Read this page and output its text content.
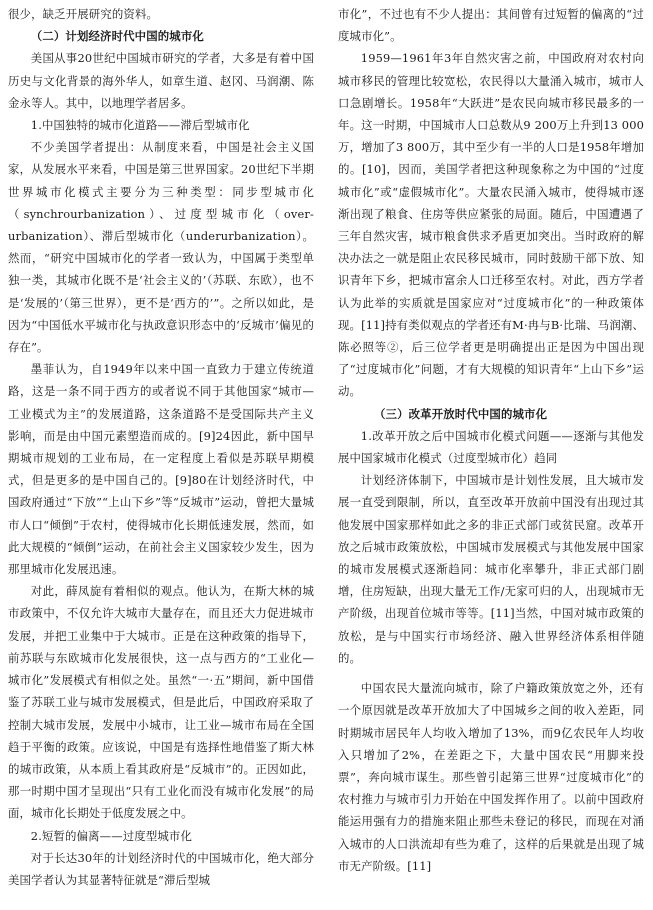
很少，缺乏开展研究的资料。

（二）计划经济时代中国的城市化

美国从事20世纪中国城市研究的学者，大多是有着中国历史与文化背景的海外华人，如章生道、赵冈、马润潮、陈金永等人。其中，以地理学者居多。

1.中国独特的城市化道路——滞后型城市化

不少美国学者提出：从制度来看，中国是社会主义国家，从发展水平来看，中国是第三世界国家。20世纪下半期世界城市化模式主要分为三种类型：同步型城市化（synchrourbanization）、过度型城市化（over-urbanization）、滞后型城市化（underurbanization）。然而，“研究中国城市化的学者一致认为，中国属于类型单独一类，其城市化既不是‘社会主义的’（苏联、东欧），也不是‘发展的’（第三世界），更不是‘西方的’”。之所以如此，是因为“中国低水平城市化与执政意识形态中的‘反城市’偏见的存在”。

墨菲认为，自1949年以来中国一直致力于建立传统道路，这是一条不同于西方的或者说不同于其他国家“城市—工业模式为主”的发展道路，这条道路不是受国际共产主义影响，而是由中国元素塑造而成的。[9]24因此，新中国早期城市规划的工业布局，在一定程度上看似是苏联早期模式，但是更多的是中国自己的。[9]80在计划经济时代，中国政府通过“下放”“上山下乡”等“反城市”运动，曾把大量城市人口“倾倒”于农村，使得城市化长期低速发展，然而，如此大规模的“倾倒”运动，在前社会主义国家较少发生，因为那里城市化发展迅速。

对此，薛凤旋有着相似的观点。他认为，在斯大林的城市政策中，不仅允许大城市大量存在，而且还大力促进城市发展，并把工业集中于大城市。正是在这种政策的指导下，前苏联与东欧城市化发展很快，这一点与西方的“工业化—城市化”发展模式有相似之处。虽然“一·五”期间，新中国借鉴了苏联工业与城市发展模式，但是此后，中国政府采取了控制大城市发展，发展中小城市，让工业—城市布局在全国趋于平衡的政策。应该说，中国是有选择性地借鉴了斯大林的城市政策，从本质上看其政府是“反城市”的。正因如此，那一时期中国才呈现出“只有工业化而没有城市化发展”的局面，城市化长期处于低度发展之中。

2.短暂的偏离——过度型城市化

对于长达30年的计划经济时代的中国城市化，绝大部分美国学者认为其显著特征就是“滞后型城

市化”，不过也有不少人提出：其间曾有过短暂的偏离的“过度城市化”。

1959—1961年3年自然灾害之前，中国政府对农村向城市移民的管理比较宽松，农民得以大量涌入城市，城市人口急剧增长。1958年“大跃进”是农民向城市移民最多的一年。这一时期，中国城市人口总数从9 200万上升到13 000万，增加了3 800万，其中至少有一半的人口是1958年增加的。[10]，因而，美国学者把这种现象称之为中国的“过度城市化”或“虚假城市化”。大量农民涌入城市，使得城市逐渐出现了粮食、住房等供应紧张的局面。随后，中国遭遇了三年自然灾害，城市粮食供求矛盾更加突出。当时政府的解决办法之一就是阻止农民移民城市，同时鼓励干部下放、知识青年下乡，把城市富余人口迁移至农村。对此，西方学者认为此举的实质就是国家应对“过度城市化”的一种政策体现。[11]持有类似观点的学者还有M·冉与B·比瑞、马润潮、陈必照等②，后三位学者更是明确提出正是因为中国出现了“过度城市化”问题，才有大规模的知识青年“上山下乡”运动。

（三）改革开放时代中国的城市化

1.改革开放之后中国城市化模式问题——逐渐与其他发展中国家城市化模式（过度型城市化）趋同

计划经济体制下，中国城市是计划性发展，且大城市发展一直受到限制，所以，直至改革开放前中国没有出现过其他发展中国家那样如此之多的非正式部门或贫民窟。改革开放之后城市政策放松，中国城市发展模式与其他发展中国家的城市发展模式逐渐趋同：城市化率攀升，非正式部门剧增，住房短缺，出现大量无工作/无家可归的人，出现城市无产阶级，出现首位城市等等。[11]当然，中国对城市政策的放松，是与中国实行市场经济、融入世界经济体系相伴随的。

中国农民大量流向城市，除了户籍政策放宽之外，还有一个原因就是改革开放加大了中国城乡之间的收入差距，同时期城市居民年人均收入增加了13%，而9亿农民年人均收入只增加了2%，在差距之下，大量中国农民“用脚来投票”，奔向城市谋生。那些曾引起第三世界“过度城市化”的农村推力与城市引力开始在中国发挥作用了。以前中国政府能运用强有力的措施来阻止那些未登记的移民，而现在对涌入城市的人口洪流却有些为难了，这样的后果就是出现了城市无产阶级。[11]
